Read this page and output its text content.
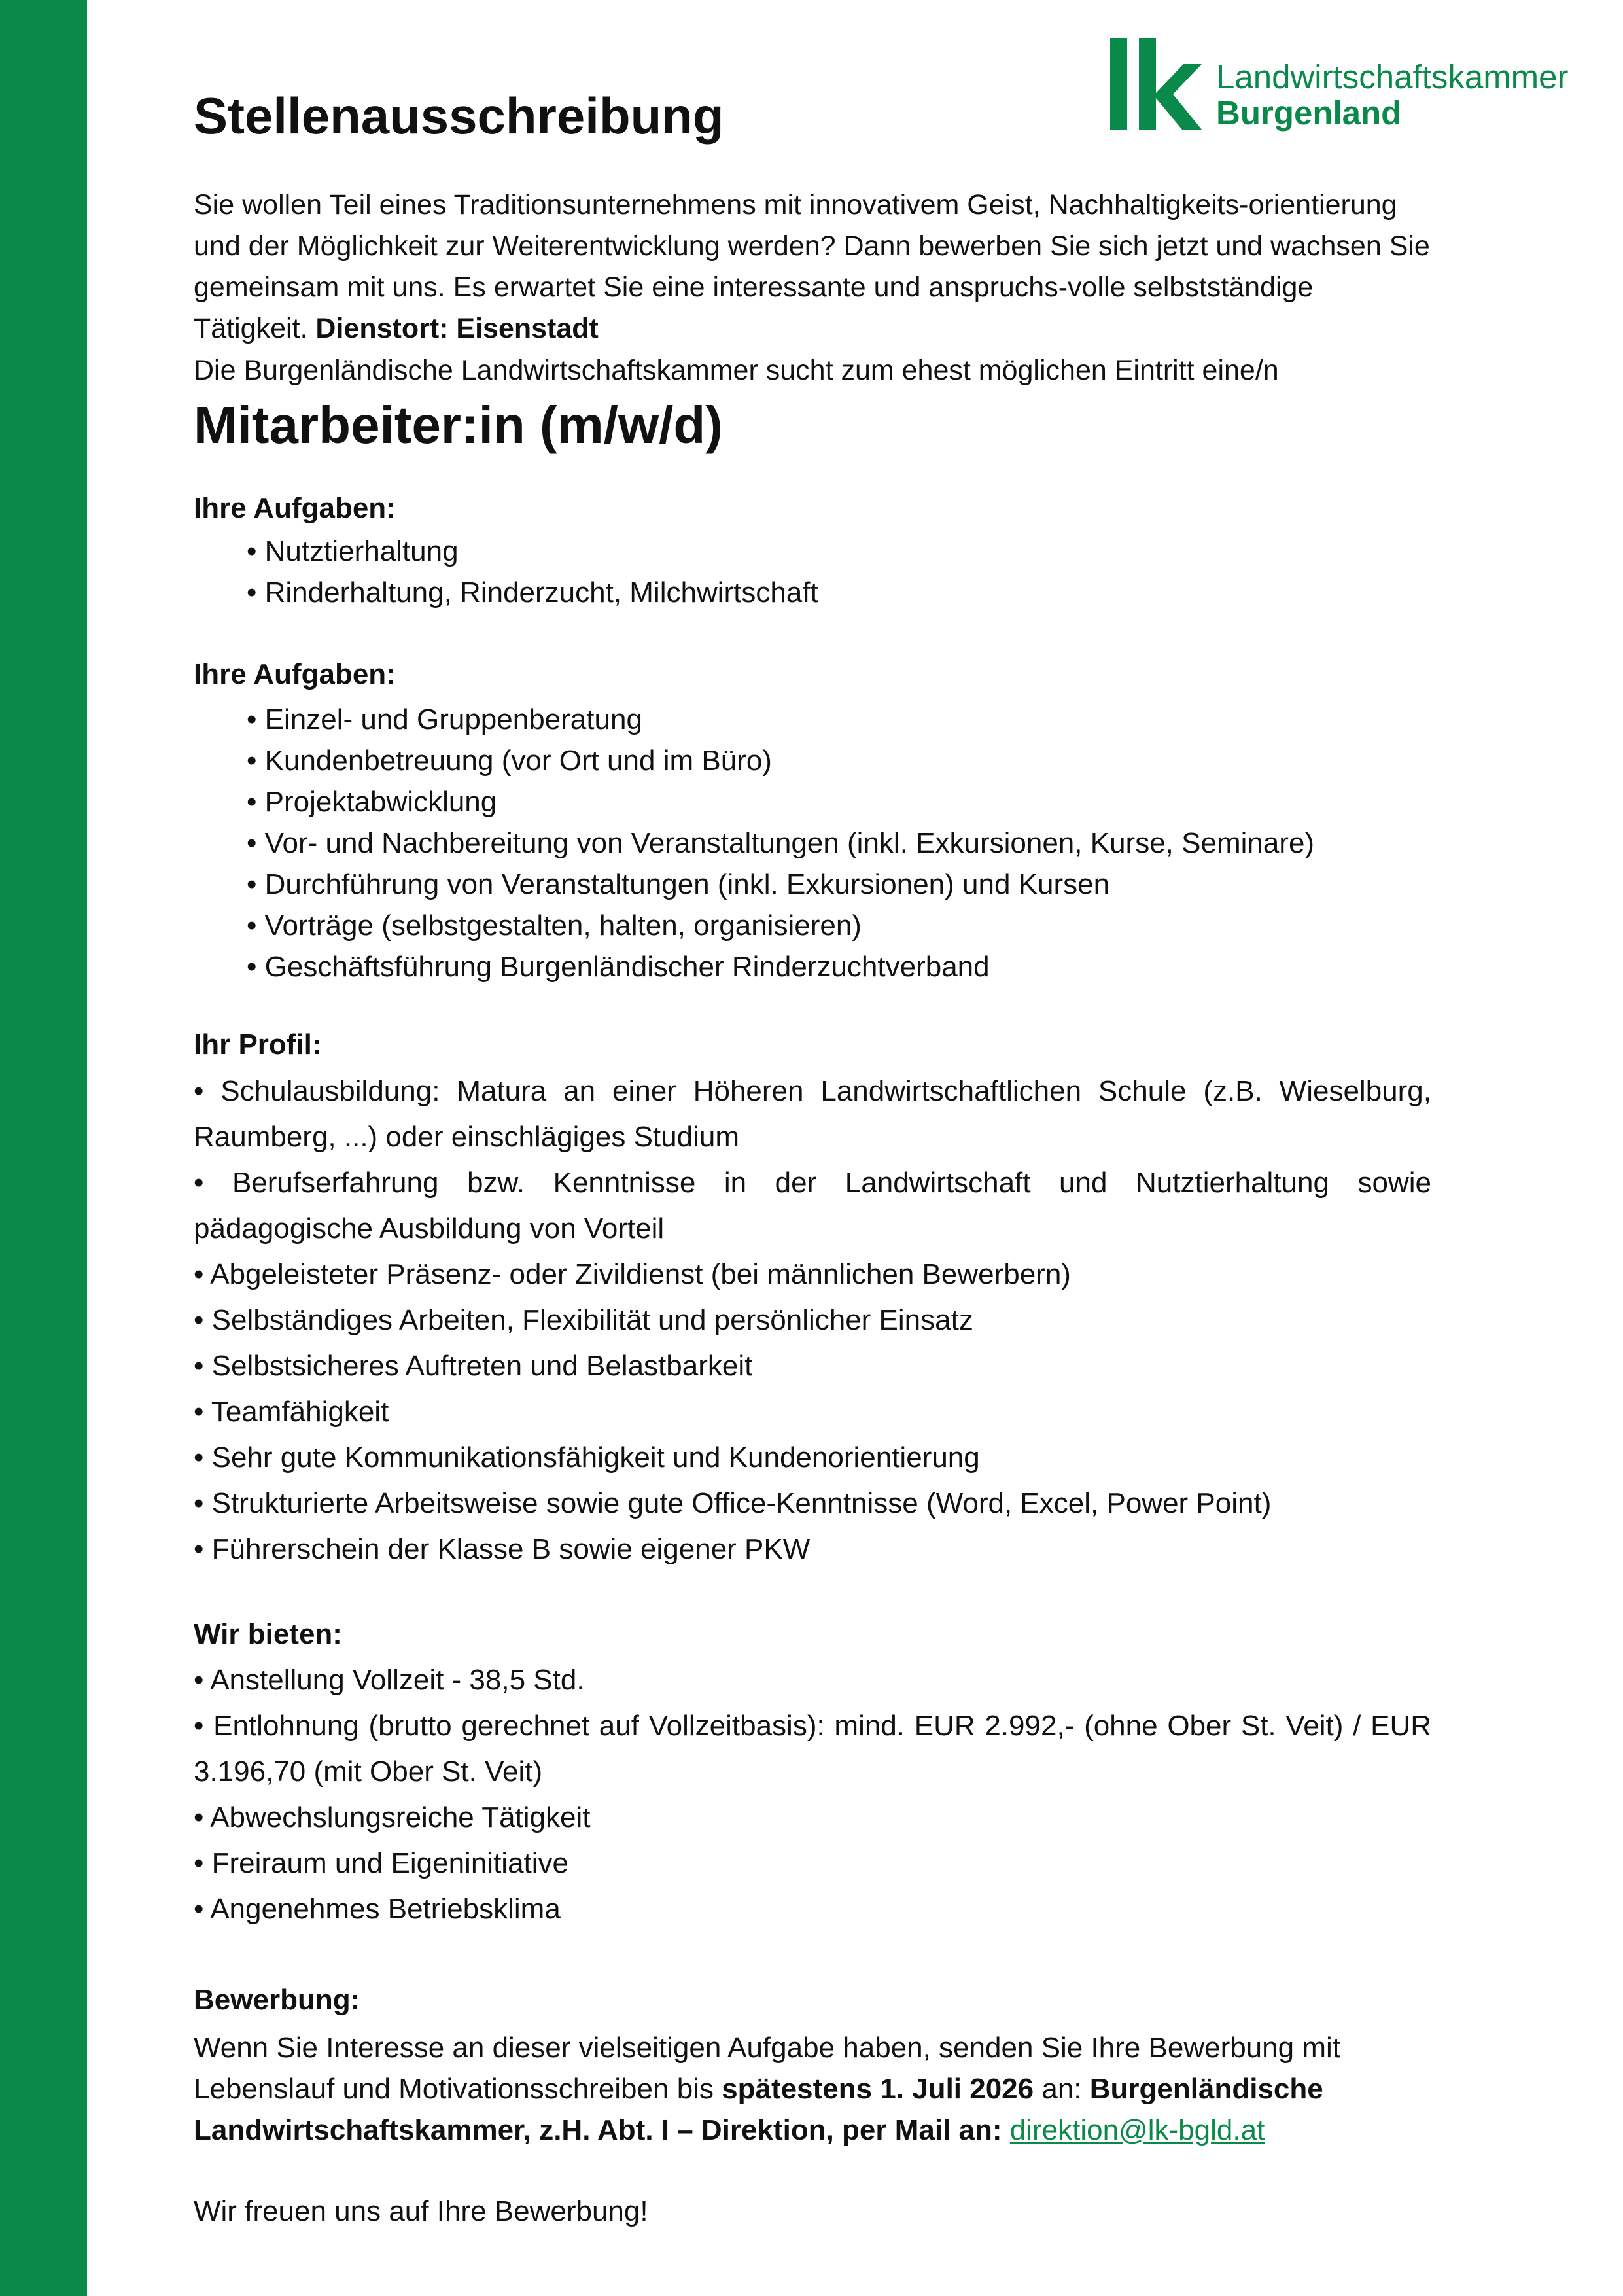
Landwirtschaftskammer
Burgenland
Stellenausschreibung

Sie wollen Teil eines Traditionsunternehmens mit innovativem Geist, Nachhaltigkeits-orientierung und der Möglichkeit zur Weiterentwicklung werden? Dann bewerben Sie sich jetzt und wachsen Sie gemeinsam mit uns. Es erwartet Sie eine interessante und anspruchs-volle selbstständige Tätigkeit. Dienstort: Eisenstadt

Die Burgenländische Landwirtschaftskammer sucht zum ehest möglichen Eintritt eine/n

Mitarbeiter:in (m/w/d)
Ihre Aufgaben:
• Nutztierhaltung
• Rinderhaltung, Rinderzucht, Milchwirtschaft
Ihre Aufgaben:
• Einzel- und Gruppenberatung
• Kundenbetreuung (vor Ort und im Büro)
• Projektabwicklung
• Vor- und Nachbereitung von Veranstaltungen (inkl. Exkursionen, Kurse, Seminare)
• Durchführung von Veranstaltungen (inkl. Exkursionen) und Kursen
• Vorträge (selbstgestalten, halten, organisieren)
• Geschäftsführung Burgenländischer Rinderzuchtverband
Ihr Profil:
• Schulausbildung: Matura an einer Höheren Landwirtschaftlichen Schule (z.B. Wieselburg, Raumberg, ...) oder einschlägiges Studium
• Berufserfahrung bzw. Kenntnisse in der Landwirtschaft und Nutztierhaltung sowie pädagogische Ausbildung von Vorteil
• Abgeleisteter Präsenz- oder Zivildienst (bei männlichen Bewerbern)
• Selbständiges Arbeiten, Flexibilität und persönlicher Einsatz
• Selbstsicheres Auftreten und Belastbarkeit
• Teamfähigkeit
• Sehr gute Kommunikationsfähigkeit und Kundenorientierung
• Strukturierte Arbeitsweise sowie gute Office-Kenntnisse (Word, Excel, Power Point)
• Führerschein der Klasse B sowie eigener PKW
Wir bieten:
• Anstellung Vollzeit - 38,5 Std.
• Entlohnung (brutto gerechnet auf Vollzeitbasis): mind. EUR 2.992,- (ohne Ober St. Veit) / EUR 3.196,70 (mit Ober St. Veit)
• Abwechslungsreiche Tätigkeit
• Freiraum und Eigeninitiative
• Angenehmes Betriebsklima
Bewerbung:

Wenn Sie Interesse an dieser vielseitigen Aufgabe haben, senden Sie Ihre Bewerbung mit Lebenslauf und Motivationsschreiben bis spätestens 1. Juli 2026 an: Burgenländische Landwirtschaftskammer, z.H. Abt. I – Direktion, per Mail an: direktion@lk-bgld.at

Wir freuen uns auf Ihre Bewerbung!
